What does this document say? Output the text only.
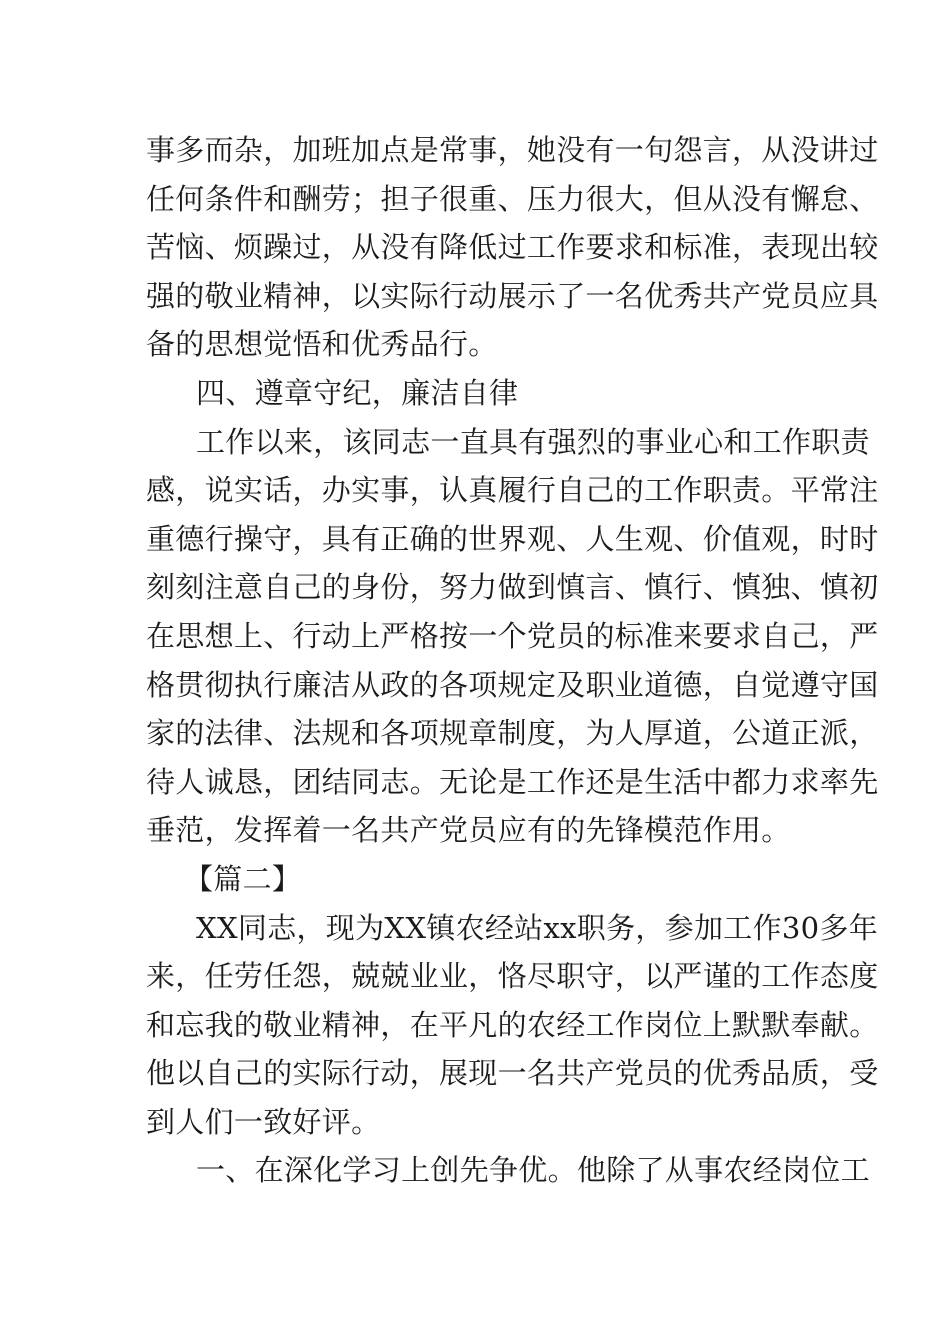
事多而杂，加班加点是常事，她没有一句怨言，从没讲过
任何条件和酬劳；担子很重、压力很大，但从没有懈怠、
苦恼、烦躁过，从没有降低过工作要求和标准，表现出较
强的敬业精神，以实际行动展示了一名优秀共产党员应具
备的思想觉悟和优秀品行。
四、遵章守纪，廉洁自律
工作以来，该同志一直具有强烈的事业心和工作职责
感，说实话，办实事，认真履行自己的工作职责。平常注
重德行操守，具有正确的世界观、人生观、价值观，时时
刻刻注意自己的身份，努力做到慎言、慎行、慎独、慎初
在思想上、行动上严格按一个党员的标准来要求自己，严
格贯彻执行廉洁从政的各项规定及职业道德，自觉遵守国
家的法律、法规和各项规章制度，为人厚道，公道正派，
待人诚恳，团结同志。无论是工作还是生活中都力求率先
垂范，发挥着一名共产党员应有的先锋模范作用。
【篇二】
XX同志，现为XX镇农经站xx职务，参加工作30多年
来，任劳任怨，兢兢业业，恪尽职守，以严谨的工作态度
和忘我的敬业精神，在平凡的农经工作岗位上默默奉献。
他以自己的实际行动，展现一名共产党员的优秀品质，受
到人们一致好评。
一、在深化学习上创先争优。他除了从事农经岗位工
